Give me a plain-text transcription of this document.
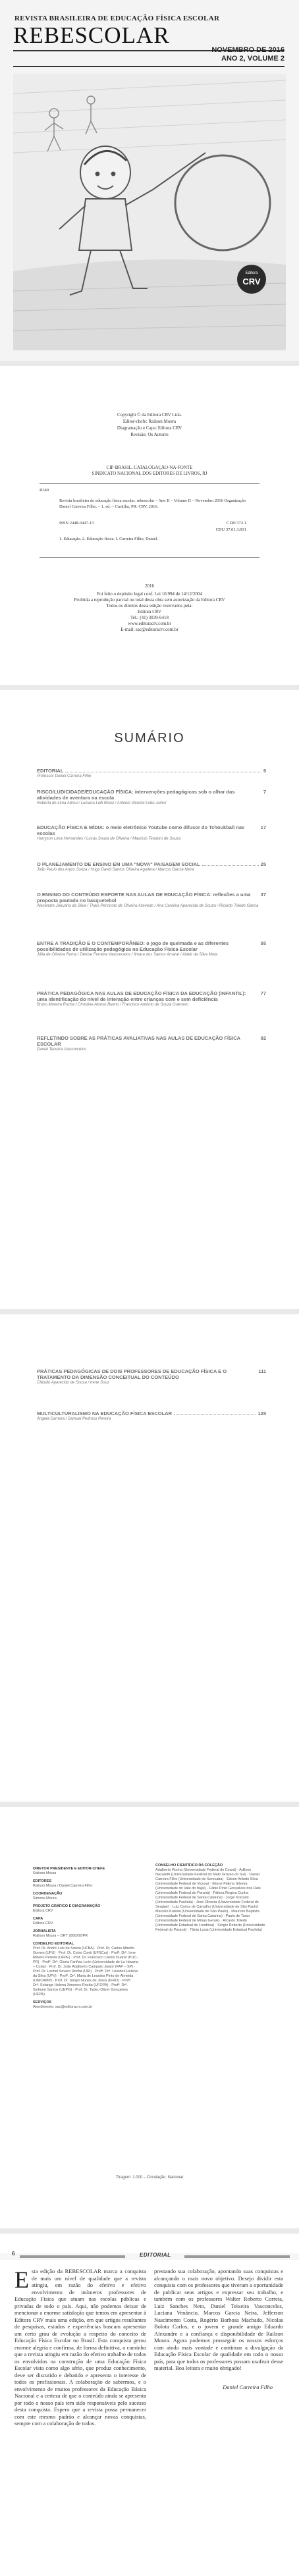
REVISTA BRASILEIRA DE EDUCAÇÃO FÍSICA ESCOLAR
REBESCOLAR
NOVEMBRO DE 2016
ANO 2, VOLUME 2
Editora
CRV
Copyright © da Editora CRV Ltda.
Editor-chefe: Railson Moura
Diagramação e Capa: Editora CRV
Revisão: Os Autores
CIP-BRASIL. CATALOGAÇÃO-NA-FONTE
SINDICATO NACIONAL DOS EDITORES DE LIVROS, RJ
R349
Revista brasileira de educação física escolar. rebescolar – Ano II – Volume II – Novembro 2016 Organização Daniel Carreira Filho. – 1. ed. – Curitiba, PR: CRV, 2016.
ISSN 2448-0447-13
1. Educação. 2. Educação física. I. Carreira Filho, Daniel.
CDD 372.1
CDU 37.01.3:931
2016
Foi feito o depósito legal conf. Lei 10.994 de 14/12/2004
Proibida a reprodução parcial ou total desta obra sem autorização da Editora CRV
Todos os direitos desta edição reservados pela:
Editora CRV
Tel.: (41) 3039-6418
www.editoracrv.com.br
E-mail: sac@editoracrv.com.br
SUMÁRIO
EDITORIAL	9
Professor Daniel Carreira Filho
RISCO/LUDICIDADE/EDUCAÇÃO FÍSICA: intervenções pedagógicas sob o olhar das atividades de aventura na escola
7
Roberta de Lima Abreu / Luciana Lelli Rossi / Antonio Vicente Lobo Junior
EDUCAÇÃO FÍSICA E MÍDIA: o meio eletrônico Youtube como difusor do Tchoukball nas escolas
17
Harryson Lima Hernandes / Lucas Souza de Oliveira / Mauricio Teodoro de Souza
O PLANEJAMENTO DE ENSINO EM UMA "NOVA" PAISAGEM SOCIAL	25
João Paulo dos Anjos Souza / Hugo David Santos Oliveira Aguilera / Marcos Garcia Neira
O ENSINO DO CONTEÚDO ESPORTE NAS AULAS DE EDUCAÇÃO FÍSICA: reflexões a uma proposta pautada no basquetebol
37
Alexandre Januário da Silva / Thaís Percinoto de Oliveira Azevedo / Ana Carolina Aparecida de Souza / Ricardo Toledo Garcia
ENTRE A TRADIÇÃO E O CONTEMPORÂNEO: o jogo de queimada e as diferentes possibilidades de utilização pedagógica na Educação Física Escolar
55
Júlia de Oliveira Roma / Denise Ferreira Vasconcelos / Ilmara dos Santos Amaral / Aldeir da Silva Mota
PRÁTICA PEDAGÓGICA NAS AULAS DE EDUCAÇÃO FÍSICA DA EDUCAÇÃO (INFANTIL): uma identificação do nível de interação entre crianças com e sem deficiência
77
Bruno Moreira Rocha / Christine Alonso Bueno / Francisco Antônio de Souza Guerrero
REFLETINDO SOBRE AS PRÁTICAS AVALIATIVAS NAS AULAS DE EDUCAÇÃO FÍSICA ESCOLAR
92
Daniel Teixeira Vasconcelos
PRÁTICAS PEDAGÓGICAS DE DOIS PROFESSORES DE EDUCAÇÃO FÍSICA E O TRATAMENTO DA DIMENSÃO CONCEITUAL DO CONTEÚDO
111
Cláudio Aparecido de Souza / Irene Souz
MULTICULTURALISMO NA EDUCAÇÃO FÍSICA ESCOLAR	125
Angela Carreira / Samuel Pedroso Pereira
DIRETOR PRESIDENTE E EDITOR-CHEFE
Railson Moura
EDITORES
Railson Moura / Daniel Carreira Filho
COORDENAÇÃO
Simone Moura
PROJETO GRÁFICO E DIAGRAMAÇÃO
Editora CRV
CAPA
Editora CRV
JORNALISTA
Railson Moura – DRT 2800/02/PR
CONSELHO EDITORIAL
Prof. Dr. André Luís de Souza (UFBA) · Prof. Dr. Carlos Alberto Gomes (UFU) · Prof. Dr. Celso Conti (UFSCar) · Profª. Drª. Ione Ribeiro Pereira (UFPE) · Prof. Dr. Francisco Carlos Duarte (PUC-PR) · Profª. Drª. Gloria Fariñas León (Universidade de La Havana – Cuba) · Prof. Dr. João Adalberto Campato Junior (FAP – SP) · Prof. Dr. Leonel Severo Rocha (URI) · Profª. Drª. Lourdes Helena da Silva (UFV) · Profª. Drª. Maria de Lourdes Pinto de Almeida (UNICAMP) · Prof. Dr. Sérgio Nunes de Jesus (IFRO) · Profª. Drª. Solange Helena Ximenes-Rocha (UFOPA) · Profª. Drª. Sydione Santos (UEPG) · Prof. Dr. Tadeu Oliver Gonçalves (UFPA)
SERVIÇOS
Atendimento: sac@editoracrv.com.br
CONSELHO CIENTÍFICO DA COLEÇÃO
Adalberto Rocha (Universidade Federal do Ceará) · Adilson Nazareth (Universidade Federal do Mato Grosso do Sul) · Daniel Carreira Filho (Universidade de Sorocaba) · Edson Arlindo Silva (Universidade Federal de Viçosa) · Eliane Fátima Silveira (Universidade do Vale do Itajaí) · Fábio Pinto Gonçalves dos Reis (Universidade Federal do Paraná) · Fátima Regina Cunha (Universidade Federal de Santa Catarina) · Jorge Koizumi (Universidade Paulista) · José Oliveira (Universidade Federal de Sergipe) · Luiz Carlos de Carvalho (Universidade de São Paulo) · Marcelo Kubota (Universidade de São Paulo) · Maurício Baptista (Universidade Federal de Santa Catarina) · Paulo de Tarso (Universidade Federal de Minas Gerais) · Ricardo Toledo (Universidade Estadual de Londrina) · Sérgio Roberto (Universidade Federal do Paraná) · Tânia Lucia (Universidade Estadual Paulista)
Tiragem: 1.000 – Circulação: Nacional
6	EDITORIAL
Esta edição da REBESCOLAR marca a conquista de mais um nível de qualidade que a revista atingiu, em razão do efetivo e efetivo envolvimento de inúmeros professores de Educação Física que atuam nas escolas públicas e privadas de todo o país. Aqui, não podemos deixar de mencionar a enorme satisfação que temos em apresentar à Editora CRV mais uma edição, em que artigos resultantes de pesquisas, estudos e experiências buscam apresentar um certo grau de evolução a respeito do conceito de Educação Física Escolar no Brasil. Esta conquista gerou enorme alegria e confirma, de forma definitiva, o caminho que a revista atingiu em razão do efetivo trabalho de todos os envolvidos na construção de uma Educação Física Escolar vista como algo sério, que produz conhecimento, deve ser discutido e debatido e apresenta o interesse de todos os profissionais. A colaboração de sabermos, e o envolvimento de muitos professores da Educação Básica Nacional e a certeza de que o conteúdo ainda se apresenta por todo o nosso país tem sido responsáveis pelo sucesso desta conquista. Espero que a revista possa permanecer com este mesmo padrão e alcançar novas conquistas, sempre com a colaboração de todos.
prestando sua colaboração, apontando suas conquistas e alcançando o mais novo objetivo. Desejo dividir esta conquista com os professores que tiveram a oportunidade de publicar seus artigos e expressar seu trabalho, e também com os professores Walter Roberto Correia, Luiz Sanches Neto, Daniel Teixeira Vasconcelos, Luciana Venâncio, Marcos Garcia Neira, Jefferson Nascimento Costa, Rogério Barbosa Machado, Nicolas Bolota Carlos, e o jovem e grande amigo Eduardo Alexandre e a confiança e disponibilidade de Railson Moura. Agora podemos prosseguir os nossos esforços com ainda mais vontade e continuar a divulgação da Educação Física Escolar de qualidade em todo o nosso país, para que todos os professores possam usufruir desse material. Boa leitura e muito obrigado!
Daniel Carreira Filho
